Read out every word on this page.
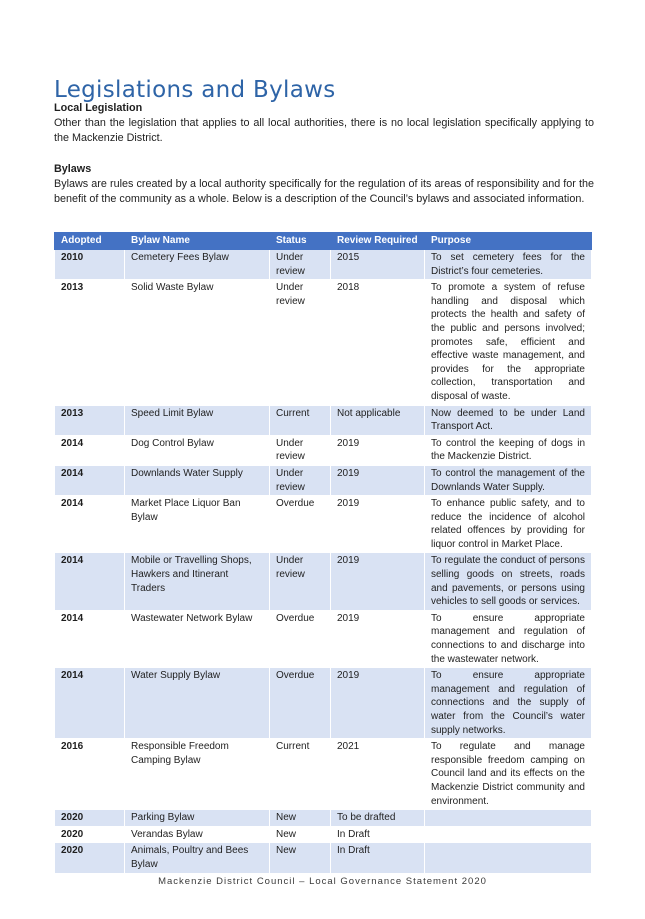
Legislations and Bylaws
Local Legislation

Other than the legislation that applies to all local authorities, there is no local legislation specifically applying to the Mackenzie District.

Bylaws

Bylaws are rules created by a local authority specifically for the regulation of its areas of responsibility and for the benefit of the community as a whole. Below is a description of the Council’s bylaws and associated information.

Adopted	Bylaw Name	Status	Review Required	Purpose
2010	Cemetery Fees Bylaw	Under review	2015	To set cemetery fees for the District’s four cemeteries.
2013	Solid Waste Bylaw	Under review	2018	To promote a system of refuse handling and disposal which protects the health and safety of the public and persons involved; promotes safe, efficient and effective waste management, and provides for the appropriate collection, transportation and disposal of waste.
2013	Speed Limit Bylaw	Current	Not applicable	Now deemed to be under Land Transport Act.
2014	Dog Control Bylaw	Under review	2019	To control the keeping of dogs in the Mackenzie District.
2014	Downlands Water Supply	Under review	2019	To control the management of the Downlands Water Supply.
2014	Market Place Liquor Ban Bylaw	Overdue	2019	To enhance public safety, and to reduce the incidence of alcohol related offences by providing for liquor control in Market Place.
2014	Mobile or Travelling Shops, Hawkers and Itinerant Traders	Under review	2019	To regulate the conduct of persons selling goods on streets, roads and pavements, or persons using vehicles to sell goods or services.
2014	Wastewater Network Bylaw	Overdue	2019	To ensure appropriate management and regulation of connections to and discharge into the wastewater network.
2014	Water Supply Bylaw	Overdue	2019	To ensure appropriate management and regulation of connections and the supply of water from the Council’s water supply networks.
2016	Responsible Freedom Camping Bylaw	Current	2021	To regulate and manage responsible freedom camping on Council land and its effects on the Mackenzie District community and environment.
2020	Parking Bylaw	New	To be drafted	
2020	Verandas Bylaw	New	In Draft	
2020	Animals, Poultry and Bees Bylaw	New	In Draft	
Mackenzie District Council – Local Governance Statement 2020
